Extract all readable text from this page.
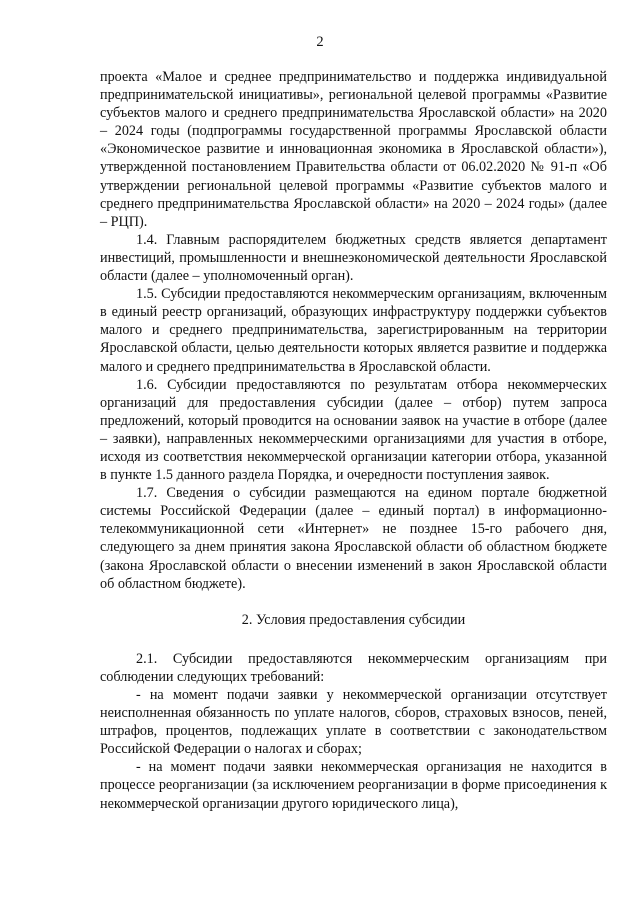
2

проекта «Малое и среднее предпринимательство и поддержка индивидуальной предпринимательской инициативы», региональной целевой программы «Развитие субъектов малого и среднего предпринимательства Ярославской области» на 2020 – 2024 годы (подпрограммы государственной программы Ярославской области «Экономическое развитие и инновационная экономика в Ярославской области»), утвержденной постановлением Правительства области от 06.02.2020 № 91-п «Об утверждении региональной целевой программы «Развитие субъектов малого и среднего предпринимательства Ярославской области» на 2020 – 2024 годы» (далее – РЦП).

1.4. Главным распорядителем бюджетных средств является департамент инвестиций, промышленности и внешнеэкономической деятельности Ярославской области (далее – уполномоченный орган).

1.5. Субсидии предоставляются некоммерческим организациям, включенным в единый реестр организаций, образующих инфраструктуру поддержки субъектов малого и среднего предпринимательства, зарегистрированным на территории Ярославской области, целью деятельности которых является развитие и поддержка малого и среднего предпринимательства в Ярославской области.

1.6. Субсидии предоставляются по результатам отбора некоммерческих организаций для предоставления субсидии (далее – отбор) путем запроса предложений, который проводится на основании заявок на участие в отборе (далее – заявки), направленных некоммерческими организациями для участия в отборе, исходя из соответствия некоммерческой организации категории отбора, указанной в пункте 1.5 данного раздела Порядка, и очередности поступления заявок.

1.7. Сведения о субсидии размещаются на едином портале бюджетной системы Российской Федерации (далее – единый портал) в информационно-телекоммуникационной сети «Интернет» не позднее 15-го рабочего дня, следующего за днем принятия закона Ярославской области об областном бюджете (закона Ярославской области о внесении изменений в закон Ярославской области об областном бюджете).

2. Условия предоставления субсидии

2.1. Субсидии предоставляются некоммерческим организациям при соблюдении следующих требований:

- на момент подачи заявки у некоммерческой организации отсутствует неисполненная обязанность по уплате налогов, сборов, страховых взносов, пеней, штрафов, процентов, подлежащих уплате в соответствии с законодательством Российской Федерации о налогах и сборах;

- на момент подачи заявки некоммерческая организация не находится в процессе реорганизации (за исключением реорганизации в форме присоединения к некоммерческой организации другого юридического лица),
